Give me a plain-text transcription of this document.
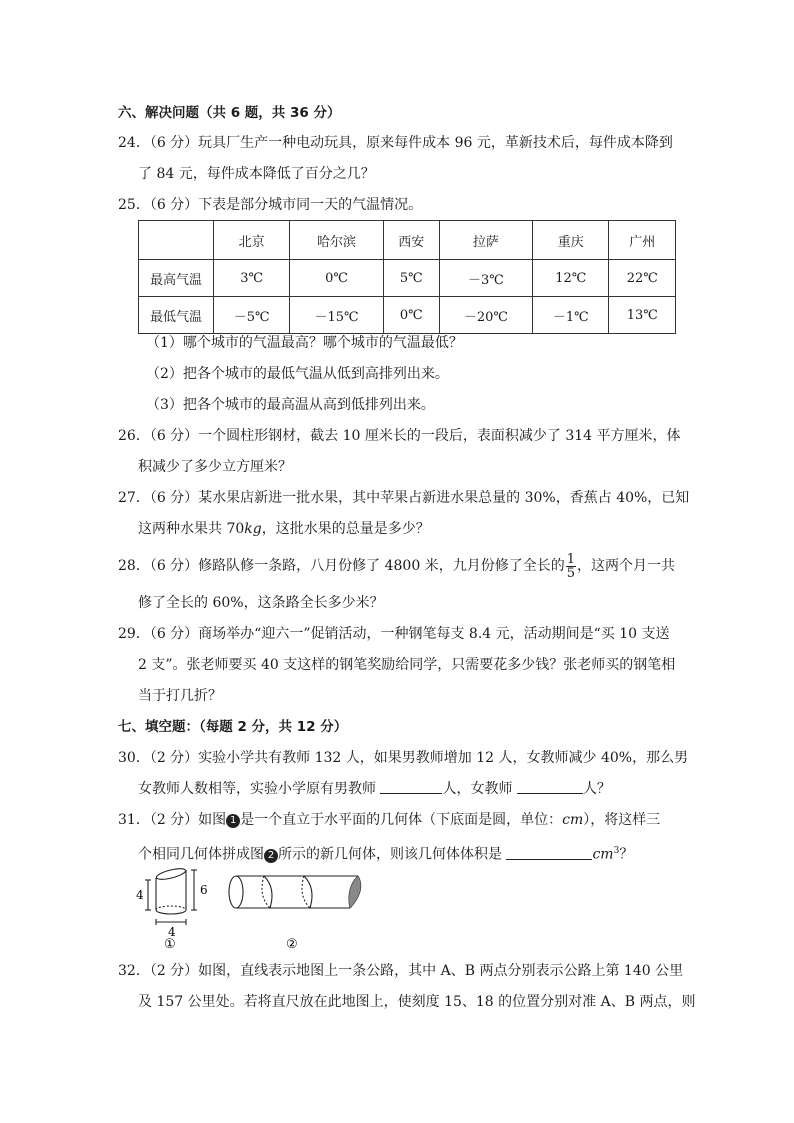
六、解决问题（共 6 题，共 36 分）
24．（6 分）玩具厂生产一种电动玩具，原来每件成本 96 元，革新技术后，每件成本降到
了 84 元，每件成本降低了百分之几？
25．（6 分）下表是部分城市同一天的气温情况。
	北京	哈尔滨	西安	拉萨	重庆	广州
最高气温	3℃	0℃	5℃	－3℃	12℃	22℃
最低气温	－5℃	－15℃	0℃	－20℃	－1℃	13℃
（1）哪个城市的气温最高？哪个城市的气温最低？
（2）把各个城市的最低气温从低到高排列出来。
（3）把各个城市的最高温从高到低排列出来。
26．（6 分）一个圆柱形钢材，截去 10 厘米长的一段后，表面积减少了 314 平方厘米，体
积减少了多少立方厘米？
27．（6 分）某水果店新进一批水果，其中苹果占新进水果总量的 30%，香蕉占 40%，已知
这两种水果共 70kg，这批水果的总量是多少？
28．（6 分）修路队修一条路，八月份修了 4800 米，九月份修了全长的 $\frac{1}{5}$ ，这两个月一共
修了全长的 60%，这条路全长多少米？
29．（6 分）商场举办“迎六一”促销活动，一种钢笔每支 8.4 元，活动期间是“买 10 支送
2 支”。张老师要买 40 支这样的钢笔奖励给同学，只需要花多少钱？张老师买的钢笔相
当于打几折？
七、填空题：（每题 2 分，共 12 分）
30．（2 分）实验小学共有教师 132 人，如果男教师增加 12 人，女教师减少 40%，那么男
女教师人数相等，实验小学原有男教师	人，女教师	人？
31．（2 分）如图 1 是一个直立于水平面的几何体（下底面是圆，单位：cm），将这样三
个相同几何体拼成图 2 所示的新几何体，则该几何体体积是	$cm^3$？
4	6
4
①	②
32．（2 分）如图，直线表示地图上一条公路，其中 A、B 两点分别表示公路上第 140 公里
及 157 公里处。若将直尺放在此地图上，使刻度 15、18 的位置分别对准 A、B 两点，则
